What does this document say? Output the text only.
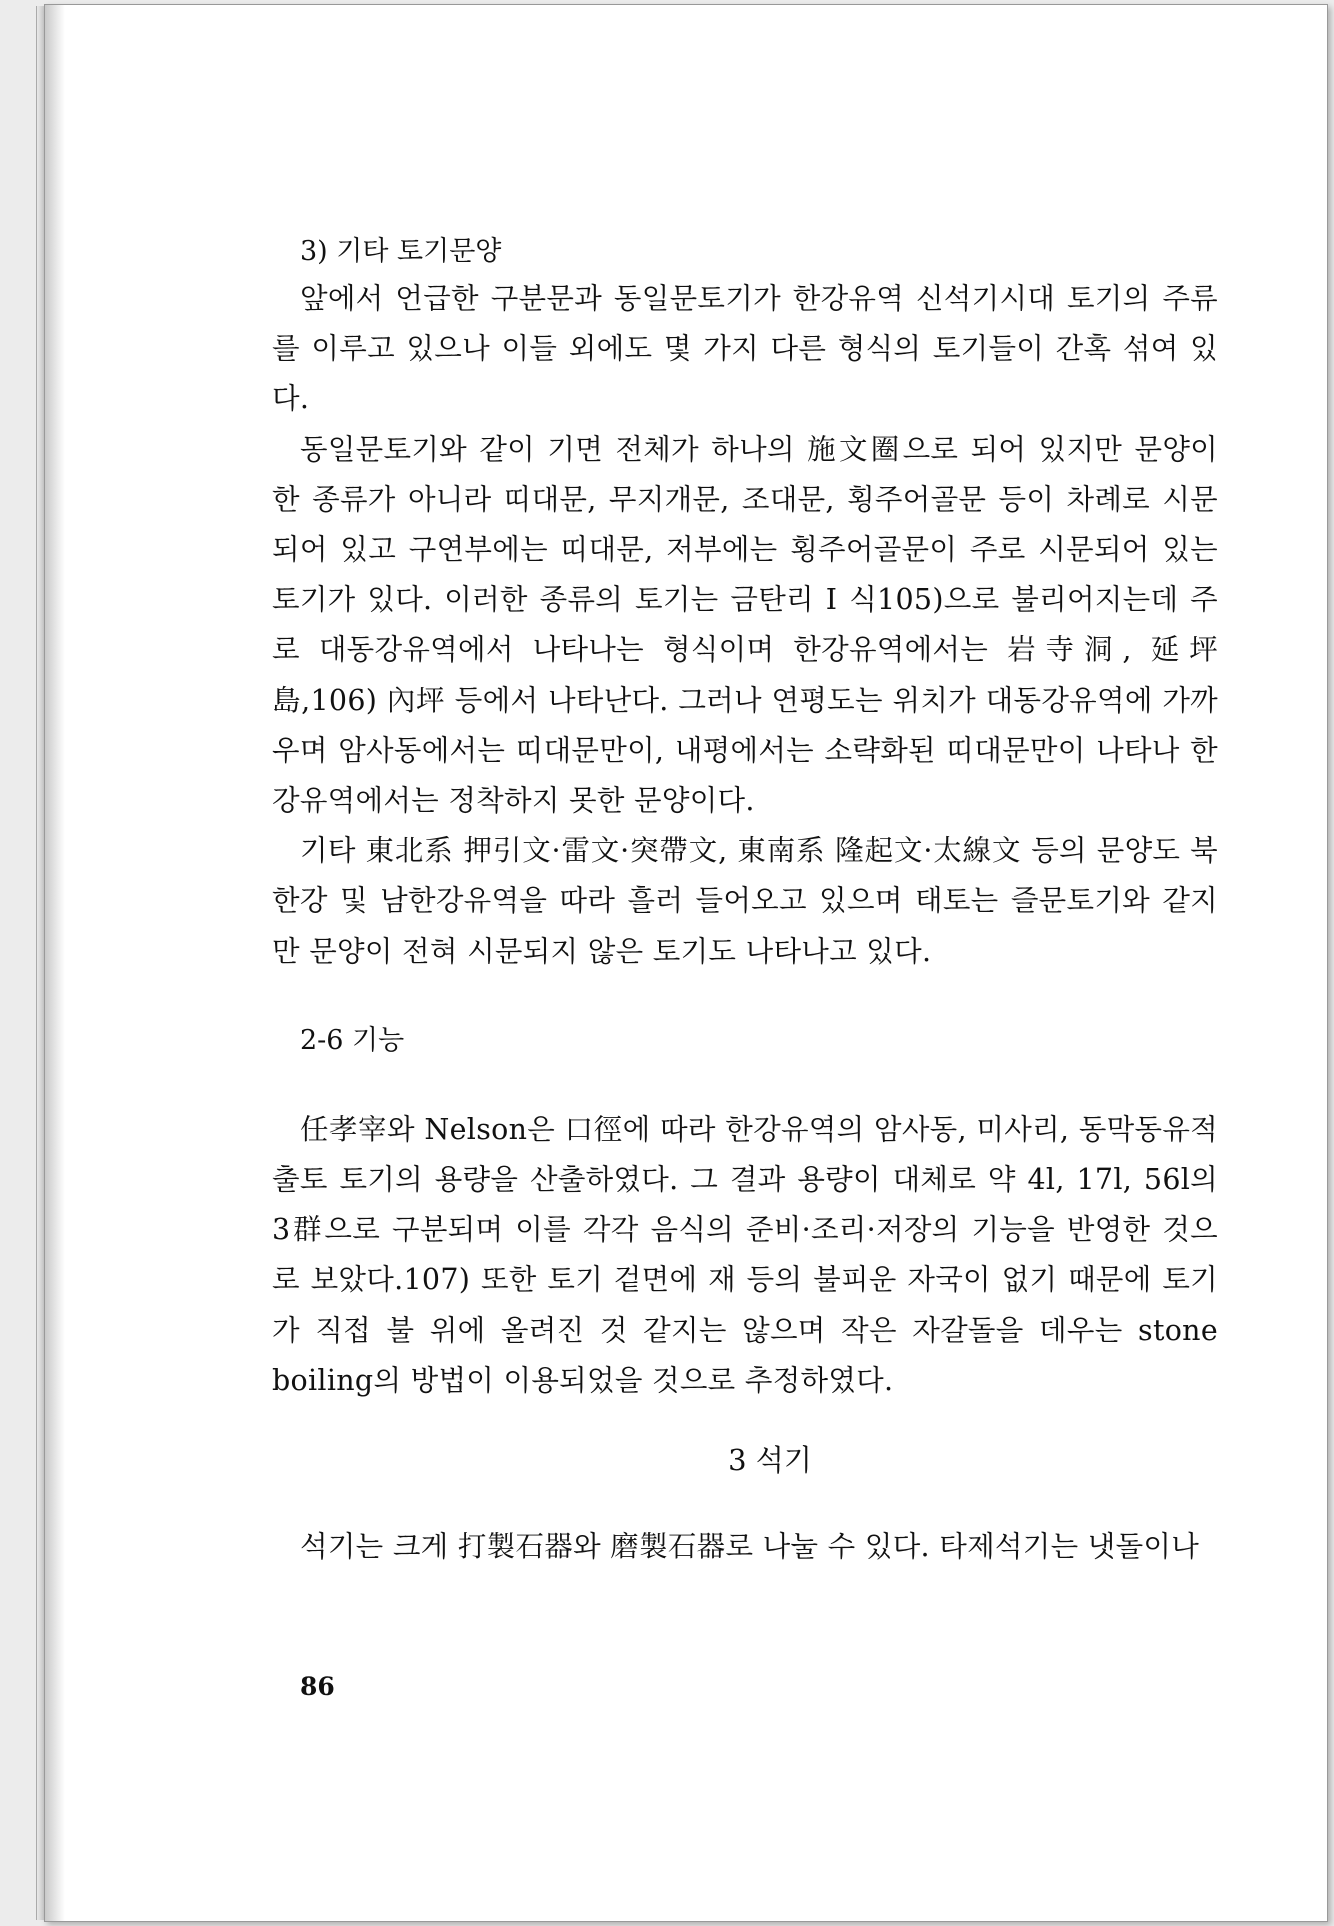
3) 기타 토기문양

앞에서 언급한 구분문과 동일문토기가 한강유역 신석기시대 토기의 주류를 이루고 있으나 이들 외에도 몇 가지 다른 형식의 토기들이 간혹 섞여 있다.

동일문토기와 같이 기면 전체가 하나의 施文圈으로 되어 있지만 문양이 한 종류가 아니라 띠대문, 무지개문, 조대문, 횡주어골문 등이 차례로 시문되어 있고 구연부에는 띠대문, 저부에는 횡주어골문이 주로 시문되어 있는 토기가 있다. 이러한 종류의 토기는 금탄리 I 식105)으로 불리어지는데 주로 대동강유역에서 나타나는 형식이며 한강유역에서는 岩寺洞, 延坪島,106) 內坪 등에서 나타난다. 그러나 연평도는 위치가 대동강유역에 가까우며 암사동에서는 띠대문만이, 내평에서는 소략화된 띠대문만이 나타나 한강유역에서는 정착하지 못한 문양이다.

기타 東北系 押引文·雷文·突帶文, 東南系 隆起文·太線文 등의 문양도 북한강 및 남한강유역을 따라 흘러 들어오고 있으며 태토는 즐문토기와 같지만 문양이 전혀 시문되지 않은 토기도 나타나고 있다.

2-6 기능

任孝宰와 Nelson은 口徑에 따라 한강유역의 암사동, 미사리, 동막동유적 출토 토기의 용량을 산출하였다. 그 결과 용량이 대체로 약 4l, 17l, 56l의 3群으로 구분되며 이를 각각 음식의 준비·조리·저장의 기능을 반영한 것으로 보았다.107) 또한 토기 겉면에 재 등의 불피운 자국이 없기 때문에 토기가 직접 불 위에 올려진 것 같지는 않으며 작은 자갈돌을 데우는 stone boiling의 방법이 이용되었을 것으로 추정하였다.

3 석기

석기는 크게 打製石器와 磨製石器로 나눌 수 있다. 타제석기는 냇돌이나

86
